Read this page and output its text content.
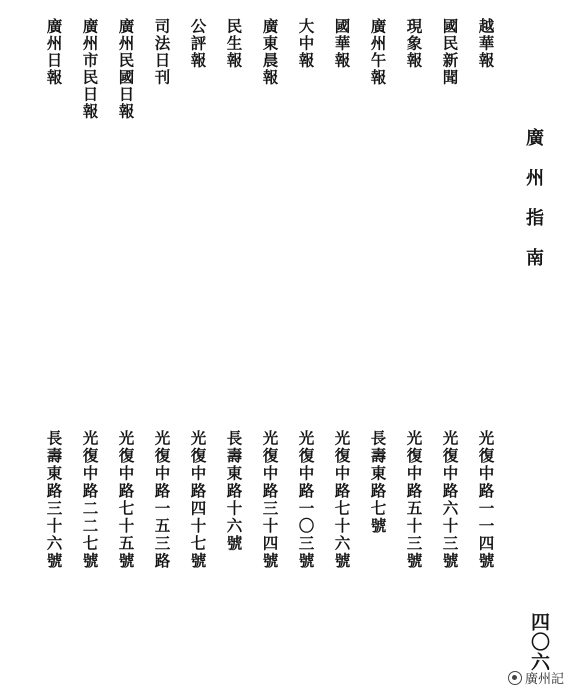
廣州指南
四〇六
越華報
國民新聞
現象報
廣州午報
國華報
大中報
廣東晨報
民生報
公評報
司法日刊
廣州民國日報
廣州市民日報
廣州日報
光復中路一一四號
光復中路六十三號
光復中路五十三號
長壽東路七號
光復中路七十六號
光復中路一〇三號
光復中路三十四號
長壽東路十六號
光復中路四十七號
光復中路一五三路
光復中路七十五號
光復中路二二七號
長壽東路三十六號
廣州記
